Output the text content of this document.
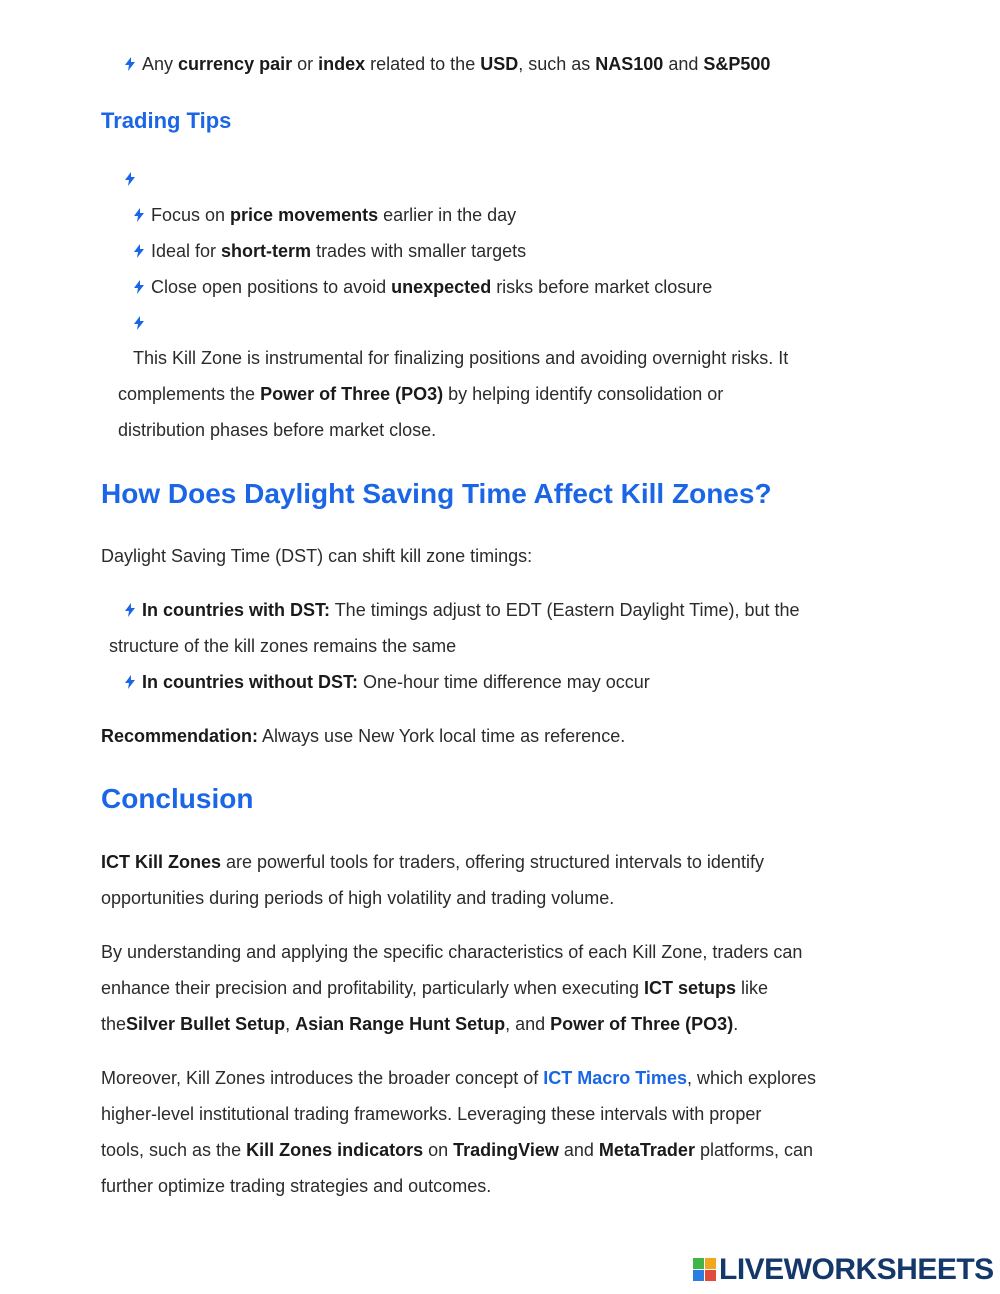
Any currency pair or index related to the USD, such as NAS100 and S&P500
Trading Tips
Focus on price movements earlier in the day
Ideal for short-term trades with smaller targets
Close open positions to avoid unexpected risks before market closure
This Kill Zone is instrumental for finalizing positions and avoiding overnight risks. It
complements the Power of Three (PO3) by helping identify consolidation or
distribution phases before market close.
How Does Daylight Saving Time Affect Kill Zones?
Daylight Saving Time (DST) can shift kill zone timings:
In countries with DST: The timings adjust to EDT (Eastern Daylight Time), but the
structure of the kill zones remains the same
In countries without DST: One-hour time difference may occur
Recommendation: Always use New York local time as reference.
Conclusion
ICT Kill Zones are powerful tools for traders, offering structured intervals to identify
opportunities during periods of high volatility and trading volume.
By understanding and applying the specific characteristics of each Kill Zone, traders can
enhance their precision and profitability, particularly when executing ICT setups like
theSilver Bullet Setup, Asian Range Hunt Setup, and Power of Three (PO3).
Moreover, Kill Zones introduces the broader concept of ICT Macro Times, which explores
higher-level institutional trading frameworks. Leveraging these intervals with proper
tools, such as the Kill Zones indicators on TradingView and MetaTrader platforms, can
further optimize trading strategies and outcomes.
LIVEWORKSHEETS
